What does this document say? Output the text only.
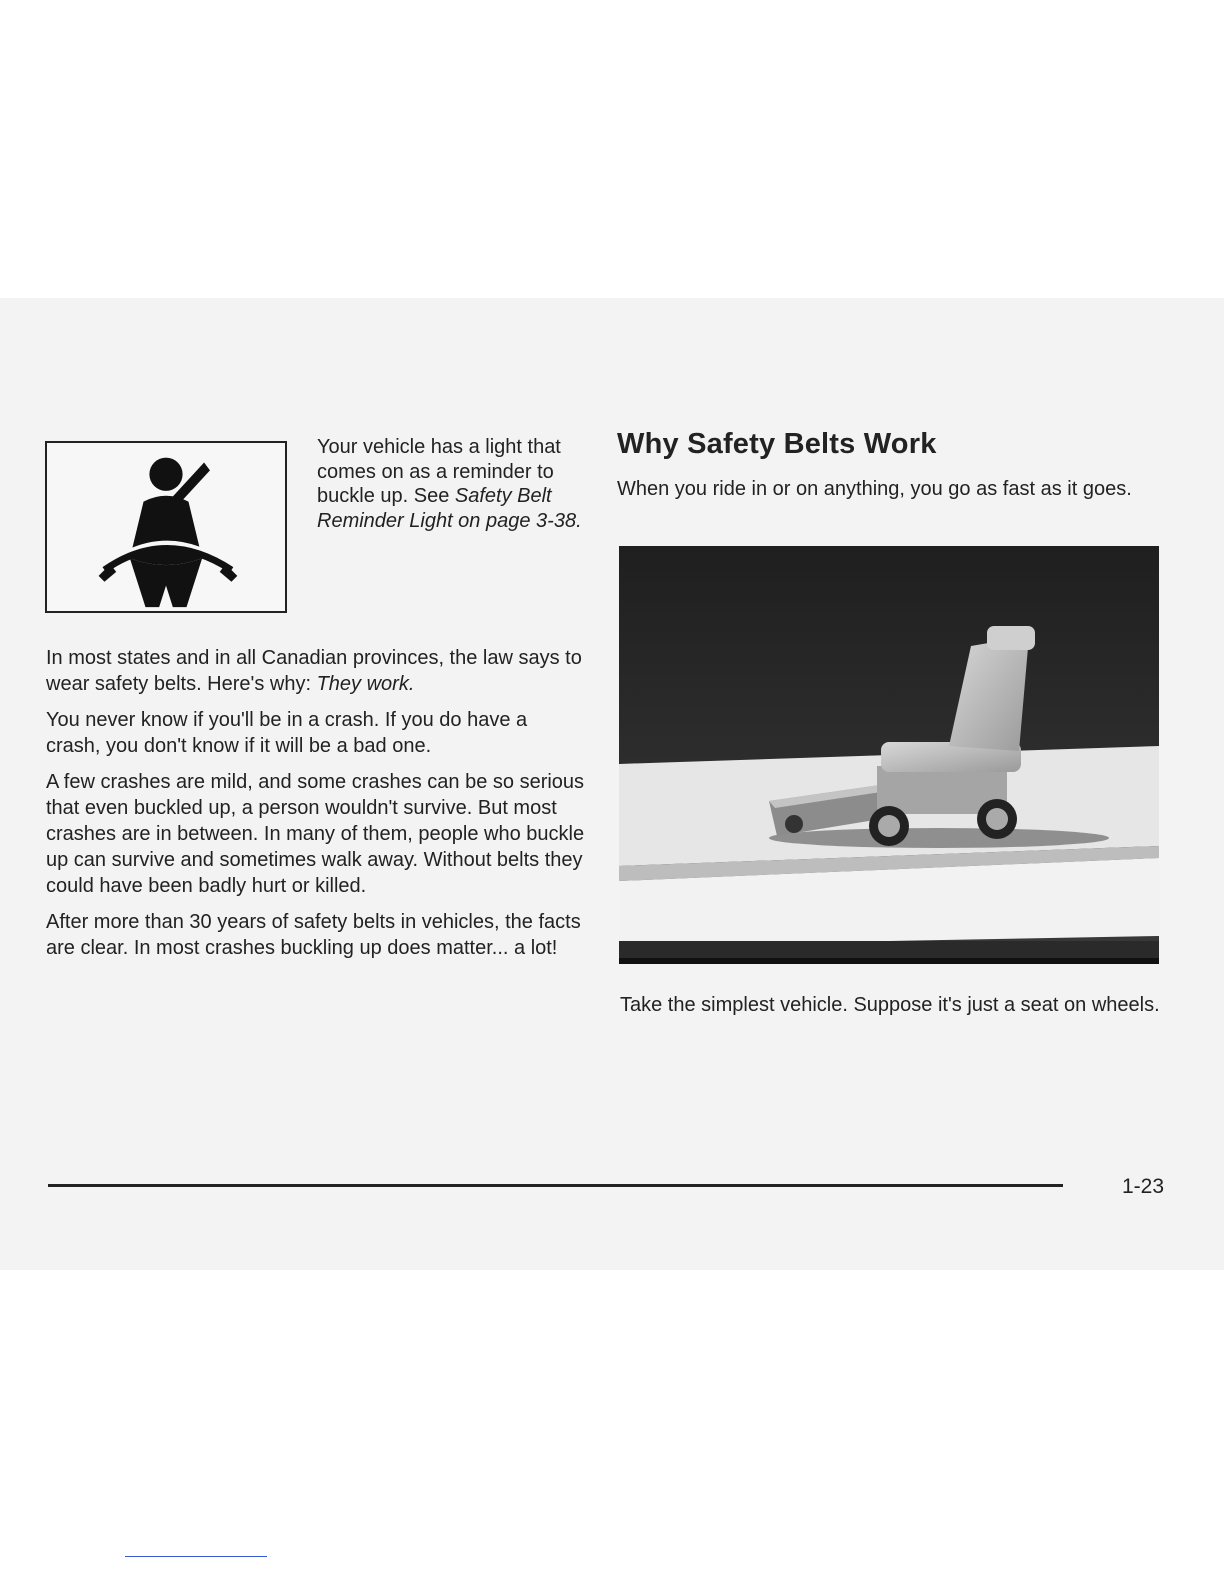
Your vehicle has a light that comes on as a reminder to buckle up. See Safety Belt Reminder Light on page 3-38.

In most states and in all Canadian provinces, the law says to wear safety belts. Here's why: They work.

You never know if you'll be in a crash. If you do have a crash, you don't know if it will be a bad one.

A few crashes are mild, and some crashes can be so serious that even buckled up, a person wouldn't survive. But most crashes are in between. In many of them, people who buckle up can survive and sometimes walk away. Without belts they could have been badly hurt or killed.

After more than 30 years of safety belts in vehicles, the facts are clear. In most crashes buckling up does matter... a lot!

Why Safety Belts Work

When you ride in or on anything, you go as fast as it goes.

Take the simplest vehicle. Suppose it's just a seat on wheels.

1-23
